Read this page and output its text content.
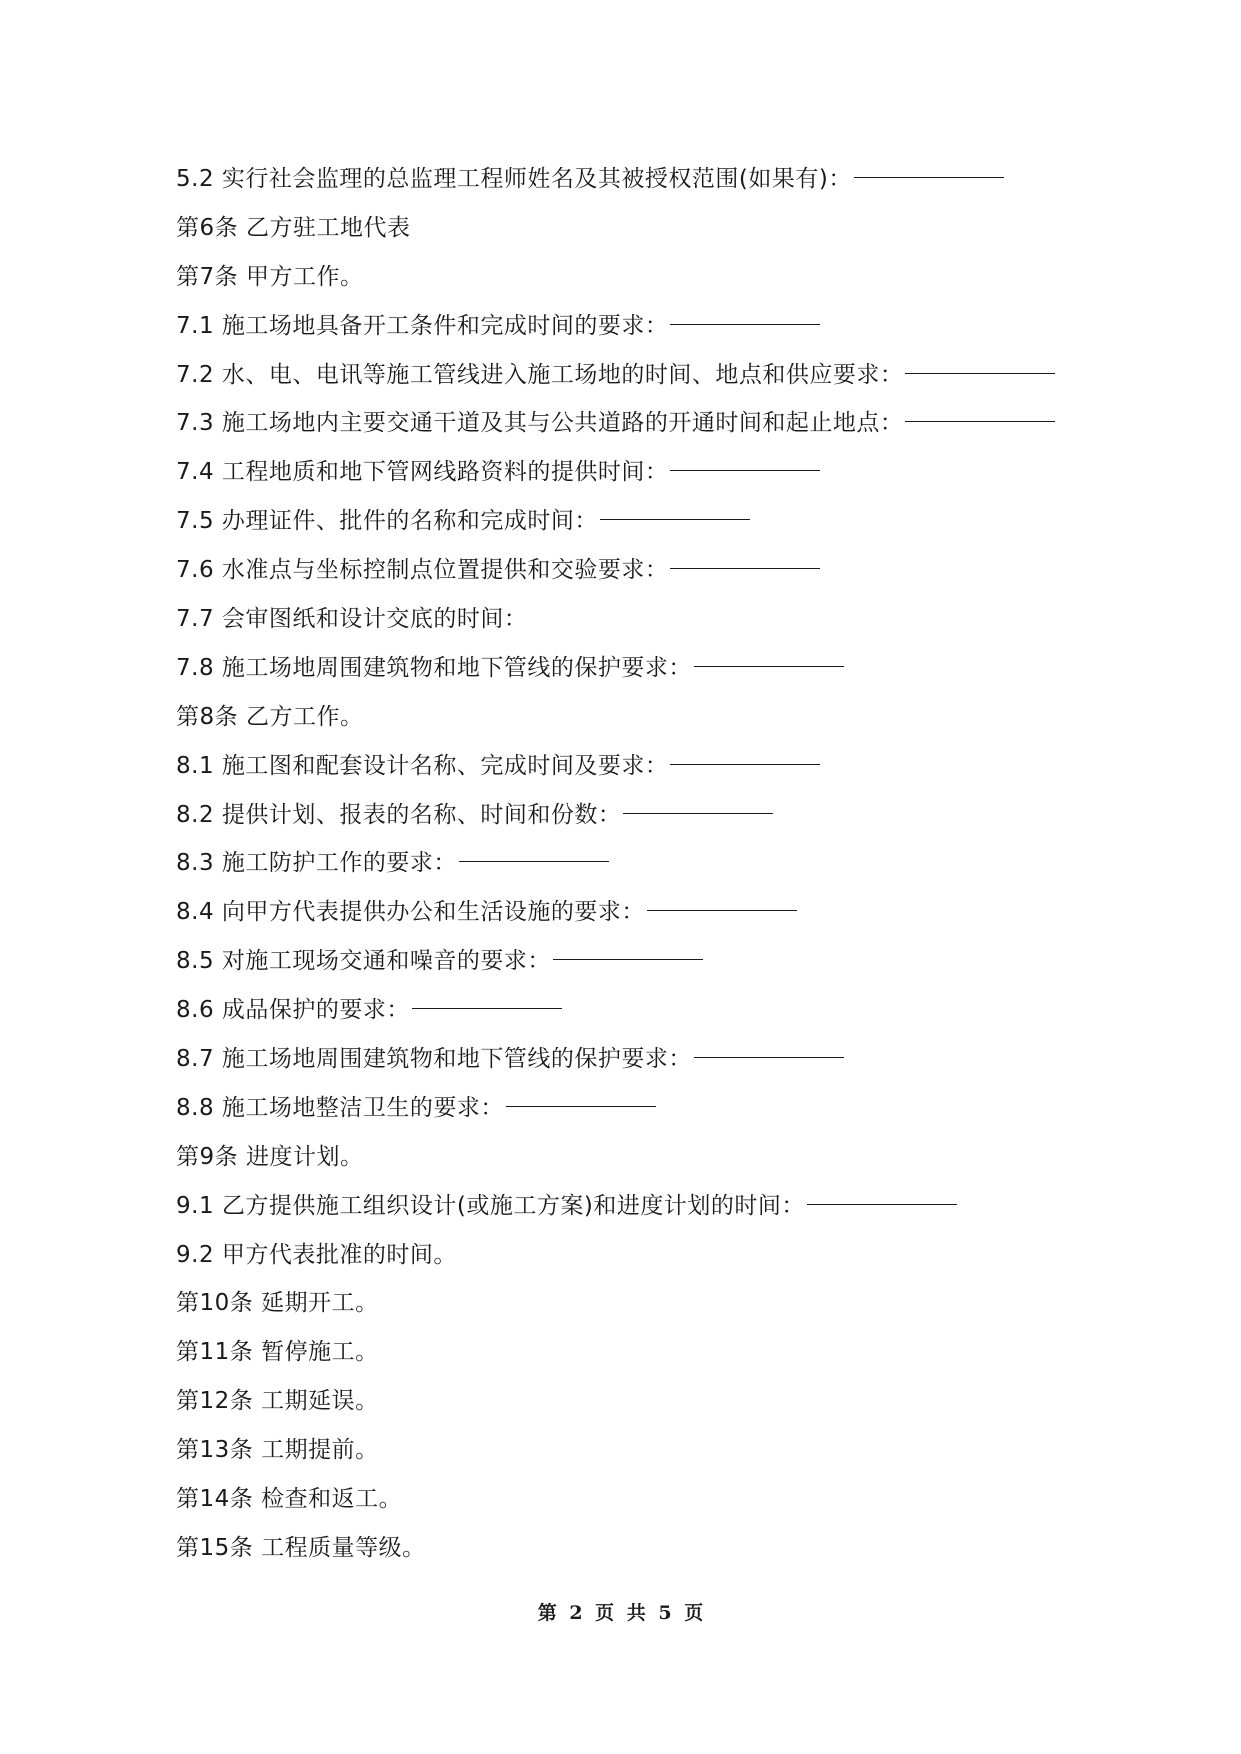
5.2 实行社会监理的总监理工程师姓名及其被授权范围(如果有)：
第6条 乙方驻工地代表
第7条 甲方工作。
7.1 施工场地具备开工条件和完成时间的要求：
7.2 水、电、电讯等施工管线进入施工场地的时间、地点和供应要求：
7.3 施工场地内主要交通干道及其与公共道路的开通时间和起止地点：
7.4 工程地质和地下管网线路资料的提供时间：
7.5 办理证件、批件的名称和完成时间：
7.6 水准点与坐标控制点位置提供和交验要求：
7.7 会审图纸和设计交底的时间：
7.8 施工场地周围建筑物和地下管线的保护要求：
第8条 乙方工作。
8.1 施工图和配套设计名称、完成时间及要求：
8.2 提供计划、报表的名称、时间和份数：
8.3 施工防护工作的要求：
8.4 向甲方代表提供办公和生活设施的要求：
8.5 对施工现场交通和噪音的要求：
8.6 成品保护的要求：
8.7 施工场地周围建筑物和地下管线的保护要求：
8.8 施工场地整洁卫生的要求：
第9条 进度计划。
9.1 乙方提供施工组织设计(或施工方案)和进度计划的时间：
9.2 甲方代表批准的时间。
第10条 延期开工。
第11条 暂停施工。
第12条 工期延误。
第13条 工期提前。
第14条 检查和返工。
第15条 工程质量等级。
第 2 页 共 5 页
